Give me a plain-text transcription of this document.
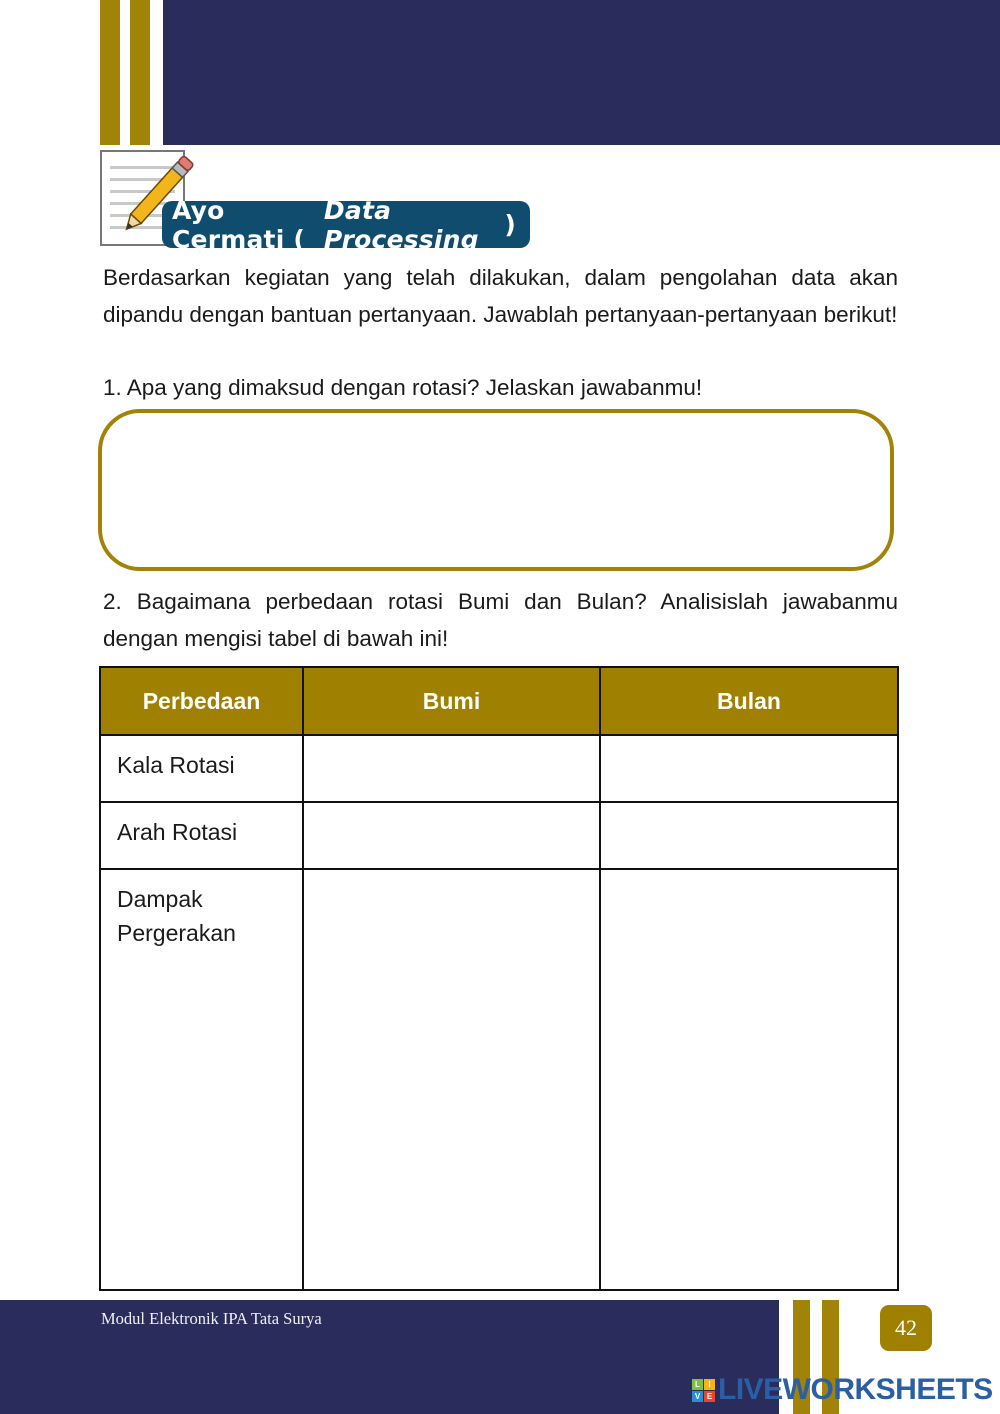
Ayo Cermati (
Data Processing	)
Berdasarkan kegiatan yang telah dilakukan, dalam pengolahan data akan dipandu dengan bantuan pertanyaan. Jawablah pertanyaan-pertanyaan berikut!
1. Apa yang dimaksud dengan rotasi? Jelaskan jawabanmu!
2. Bagaimana perbedaan rotasi Bumi dan Bulan? Analisislah jawabanmu dengan mengisi tabel di bawah ini!
Perbedaan	Bumi	Bulan
Kala Rotasi		
Arah Rotasi		
Dampak Pergerakan		
Modul Elektronik IPA Tata Surya	42
L	I
V E LIVEWORKSHEETS
